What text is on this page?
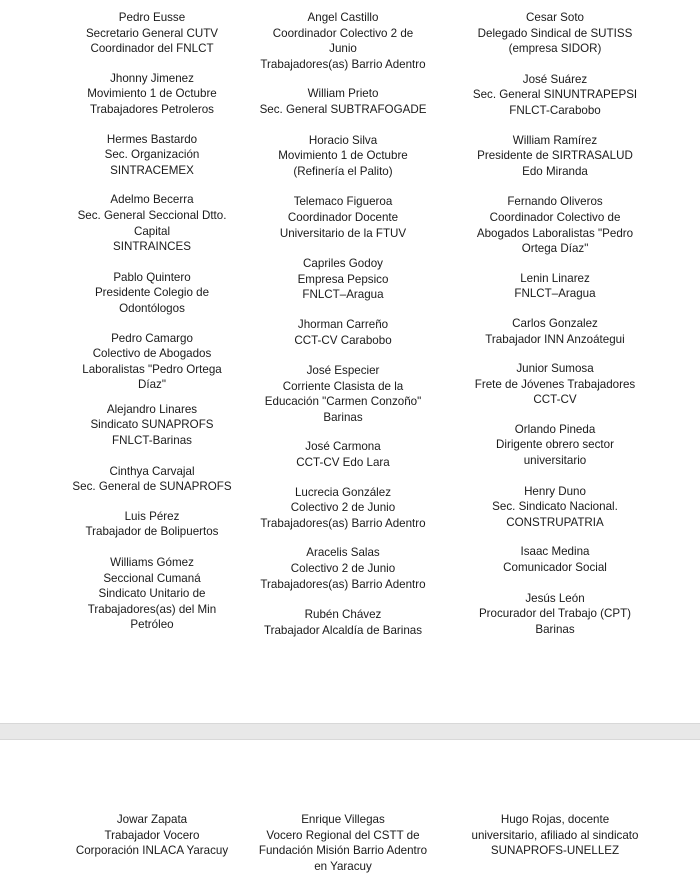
Pedro Eusse
Secretario General CUTV
Coordinador del FNLCT
Jhonny Jimenez
Movimiento 1 de Octubre
Trabajadores Petroleros
Hermes Bastardo
Sec. Organización
SINTRACEMEX
Adelmo Becerra
Sec. General Seccional Dtto.
Capital
SINTRAINCES
Pablo Quintero
Presidente Colegio de
Odontólogos
Pedro Camargo
Colectivo de Abogados
Laboralistas "Pedro Ortega
Díaz"
Alejandro Linares
Sindicato SUNAPROFS
FNLCT-Barinas
Cinthya Carvajal
Sec. General de SUNAPROFS
Luis Pérez
Trabajador de Bolipuertos
Williams Gómez
Seccional Cumaná
Sindicato Unitario de
Trabajadores(as) del Min
Petróleo
Angel Castillo
Coordinador Colectivo 2 de
Junio
Trabajadores(as) Barrio Adentro
William Prieto
Sec. General SUBTRAFOGADE
Horacio Silva
Movimiento 1 de Octubre
(Refinería el Palito)
Telemaco Figueroa
Coordinador Docente
Universitario de la FTUV
Capriles Godoy
Empresa Pepsico
FNLCT–Aragua
Jhorman Carreño
CCT-CV Carabobo
José Especier
Corriente Clasista de la
Educación "Carmen Conzoño"
Barinas
José Carmona
CCT-CV Edo Lara
Lucrecia González
Colectivo 2 de Junio
Trabajadores(as) Barrio Adentro
Aracelis Salas
Colectivo 2 de Junio
Trabajadores(as) Barrio Adentro
Rubén Chávez
Trabajador Alcaldía de Barinas
Cesar Soto
Delegado Sindical de SUTISS
(empresa SIDOR)
José Suárez
Sec. General SINUNTRAPEPSI
FNLCT-Carabobo
William Ramírez
Presidente de SIRTRASALUD
Edo Miranda
Fernando Oliveros
Coordinador Colectivo de
Abogados Laboralistas "Pedro
Ortega Díaz"
Lenin Linarez
FNLCT–Aragua
Carlos Gonzalez
Trabajador INN Anzoátegui
Junior Sumosa
Frete de Jóvenes Trabajadores
CCT-CV
Orlando Pineda
Dirigente obrero sector
universitario
Henry Duno
Sec. Sindicato Nacional.
CONSTRUPATRIA
Isaac Medina
Comunicador Social
Jesús León
Procurador del Trabajo (CPT)
Barinas
Jowar Zapata
Trabajador Vocero
Corporación INLACA Yaracuy
Enrique Villegas
Vocero Regional del CSTT de
Fundación Misión Barrio Adentro
en Yaracuy
Hugo Rojas, docente
universitario, afiliado al sindicato
SUNAPROFS-UNELLEZ
